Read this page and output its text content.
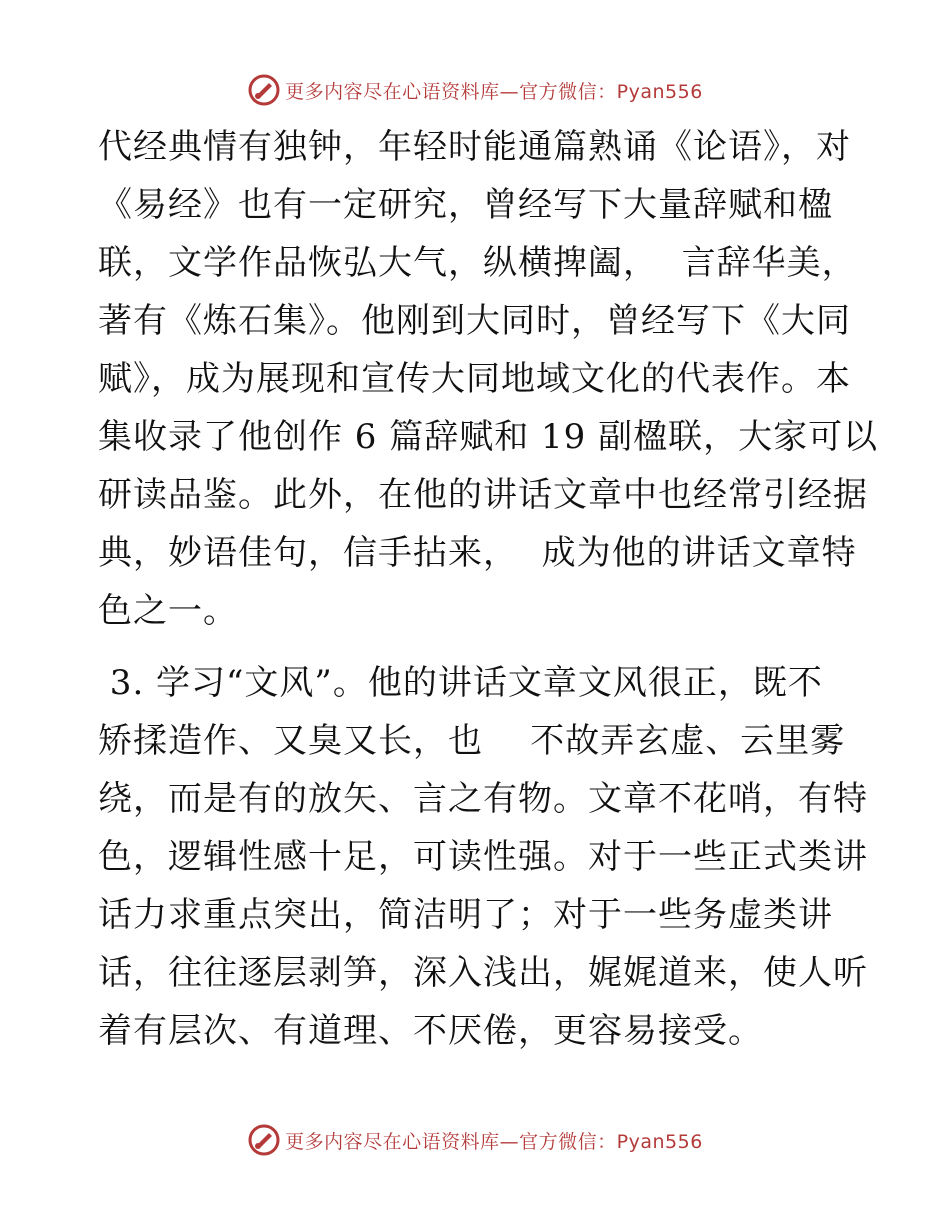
更多内容尽在心语资料库—官方微信：Pyan556
代经典情有独钟，年轻时能通篇熟诵《论语》，对
《易经》也有一定研究，曾经写下大量辞赋和楹
联，文学作品恢弘大气，纵横捭阖，  言辞华美，
著有《炼石集》。他刚到大同时，曾经写下《大同
赋》，成为展现和宣传大同地域文化的代表作。本
集收录了他创作 6 篇辞赋和 19 副楹联，大家可以
研读品鉴。此外，在他的讲话文章中也经常引经据
典，妙语佳句，信手拈来，  成为他的讲话文章特
色之一。
3. 学习“文风”。他的讲话文章文风很正，既不
矫揉造作、又臭又长，也    不故弄玄虚、云里雾
绕，而是有的放矢、言之有物。文章不花哨，有特
色，逻辑性感十足，可读性强。对于一些正式类讲
话力求重点突出，简洁明了；对于一些务虚类讲
话，往往逐层剥笋，深入浅出，娓娓道来，使人听
着有层次、有道理、不厌倦，更容易接受。
更多内容尽在心语资料库—官方微信：Pyan556
